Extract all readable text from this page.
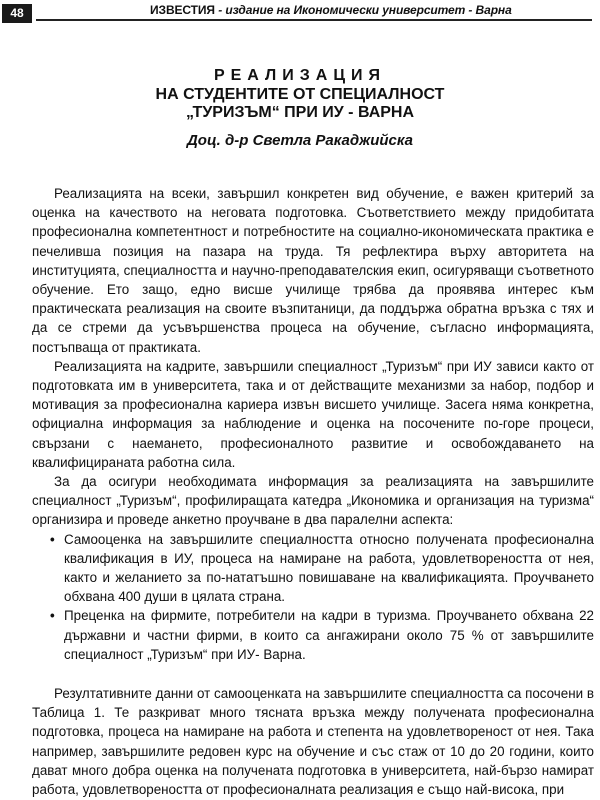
48	ИЗВЕСТИЯ - издание на Икономически университет - Варна
РЕАЛИЗАЦИЯ
НА СТУДЕНТИТЕ ОТ СПЕЦИАЛНОСТ
„ТУРИЗЪМ“ ПРИ ИУ - ВАРНА
Доц. д-р Светла Ракаджийска

Реализацията на всеки, завършил конкретен вид обучение, е важен критерий за оценка на качеството на неговата подготовка. Съответствието между придобитата професионална компетентност и потребностите на социално-икономическата практика е печеливша позиция на пазара на труда. Тя рефлектира върху авторитета на институцията, специалността и научно-преподавателския екип, осигуряващи съответното обучение. Ето защо, едно висше училище трябва да проявява интерес към практическата реализация на своите възпитаници, да поддържа обратна връзка с тях и да се стреми да усъвършенства процеса на обучение, съгласно информацията, постъпваща от практиката.

Реализацията на кадрите, завършили специалност „Туризъм“ при ИУ зависи както от подготовката им в университета, така и от действащите механизми за набор, подбор и мотивация за професионална кариера извън висшето училище. Засега няма конкретна, официална информация за наблюдение и оценка на посочените по-горе процеси, свързани с наемането, професионалното развитие и освобождаването на квалифицираната работна сила.

За да осигури необходимата информация за реализацията на завършилите специалност „Туризъм“, профилиращата катедра „Икономика и организация на туризма“ организира и проведе анкетно проучване в два паралелни аспекта:

• Самооценка на завършилите специалността относно получената професионална квалификация в ИУ, процеса на намиране на работа, удовлетвореността от нея, както и желанието за по-нататъшно повишаване на квалификацията. Проучването обхвана 400 души в цялата страна.
• Преценка на фирмите, потребители на кадри в туризма. Проучването обхвана 22 държавни и частни фирми, в които са ангажирани около 75 % от завършилите специалност „Туризъм“ при ИУ- Варна.

Резултативните данни от самооценката на завършилите специалността са посочени в Таблица 1. Те разкриват много тясната връзка между получената професионална подготовка, процеса на намиране на работа и степента на удовлетвореност от нея. Така например, завършилите редовен курс на обучение и със стаж от 10 до 20 години, които дават много добра оценка на получената подготовка в университета, най-бързо намират работа, удовлетвореността от професионалната реализация е също най-висока, при
